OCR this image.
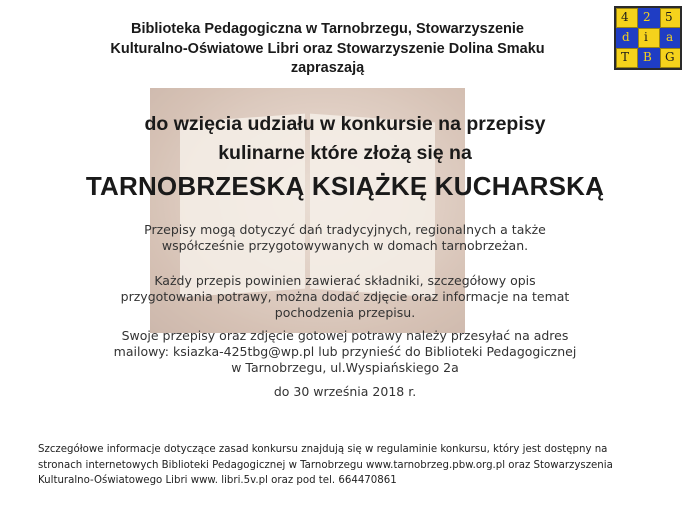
4 2 5
d i a
T B G
Biblioteka Pedagogiczna w Tarnobrzegu, Stowarzyszenie
Kulturalno-Oświatowe Libri oraz Stowarzyszenie Dolina Smaku
zapraszają
do wzięcia udziału w konkursie na przepisy
kulinarne które złożą się na
TARNOBRZESKĄ KSIĄŻKĘ KUCHARSKĄ
Przepisy mogą dotyczyć dań tradycyjnych, regionalnych a także
współcześnie przygotowywanych w domach tarnobrzeżan.
Każdy przepis powinien zawierać składniki, szczegółowy opis
przygotowania potrawy, można dodać zdjęcie oraz informacje na temat
pochodzenia przepisu.
Swoje przepisy oraz zdjęcie gotowej potrawy należy przesyłać na adres
mailowy: ksiazka-425tbg@wp.pl lub przynieść do Biblioteki Pedagogicznej
w Tarnobrzegu, ul.Wyspiańskiego 2a
do 30 września 2018 r.
Szczegółowe informacje dotyczące zasad konkursu znajdują się w regulaminie konkursu, który jest dostępny na
stronach internetowych Biblioteki Pedagogicznej w Tarnobrzegu www.tarnobrzeg.pbw.org.pl oraz Stowarzyszenia
Kulturalno-Oświatowego Libri www. libri.5v.pl oraz pod tel. 664470861
